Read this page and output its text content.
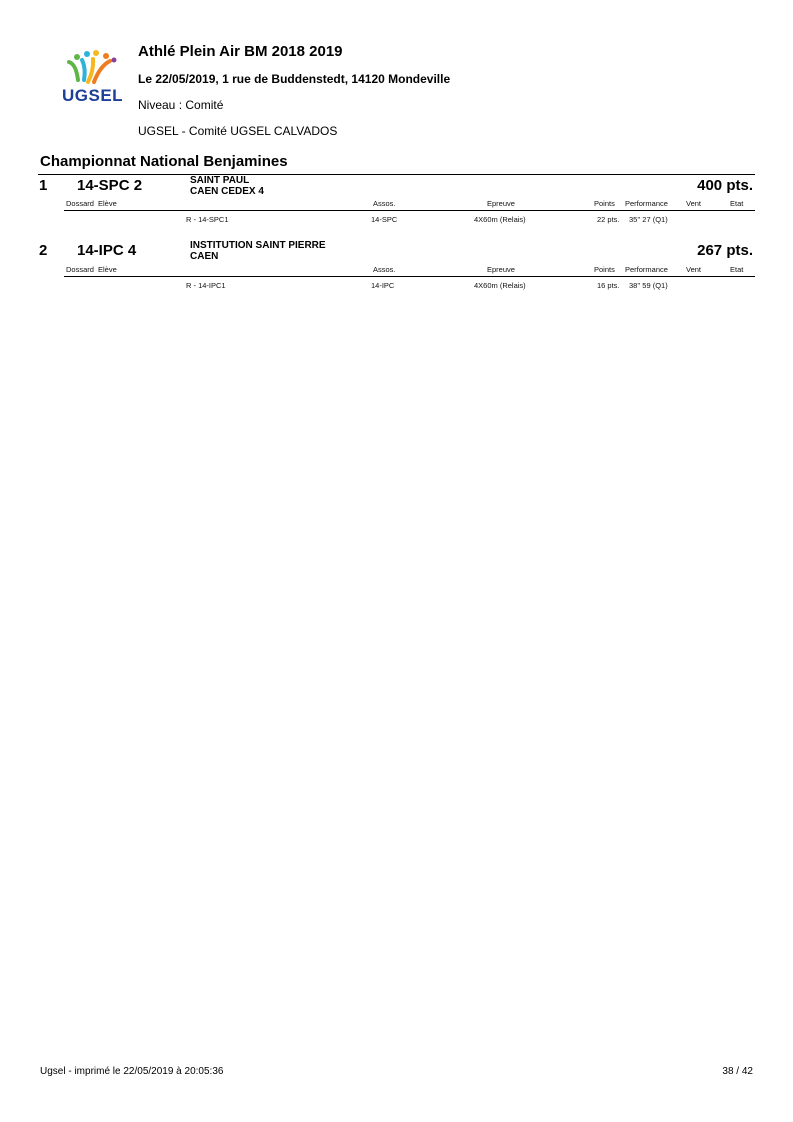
UGSEL
Athlé Plein Air BM 2018 2019
Le 22/05/2019, 1 rue de Buddenstedt, 14120 Mondeville
Niveau : Comité
UGSEL - Comité UGSEL CALVADOS
Championnat National Benjamines
1 14-SPC 2	SAINT PAUL
CAEN CEDEX 4	400 pts.
Dossard Elève	Assos.	Epreuve	Points Performance Vent	Etat
R - 14-SPC1	14-SPC	4X60m (Relais)	22 pts. 35'' 27 (Q1)
2 14-IPC 4	INSTITUTION SAINT PIERRE
CAEN	267 pts.
Dossard Elève	Assos.	Epreuve	Points Performance Vent	Etat
R - 14-IPC1	14-IPC	4X60m (Relais)	16 pts. 38'' 59 (Q1)
Ugsel - imprimé le 22/05/2019 à 20:05:36	38 / 42
